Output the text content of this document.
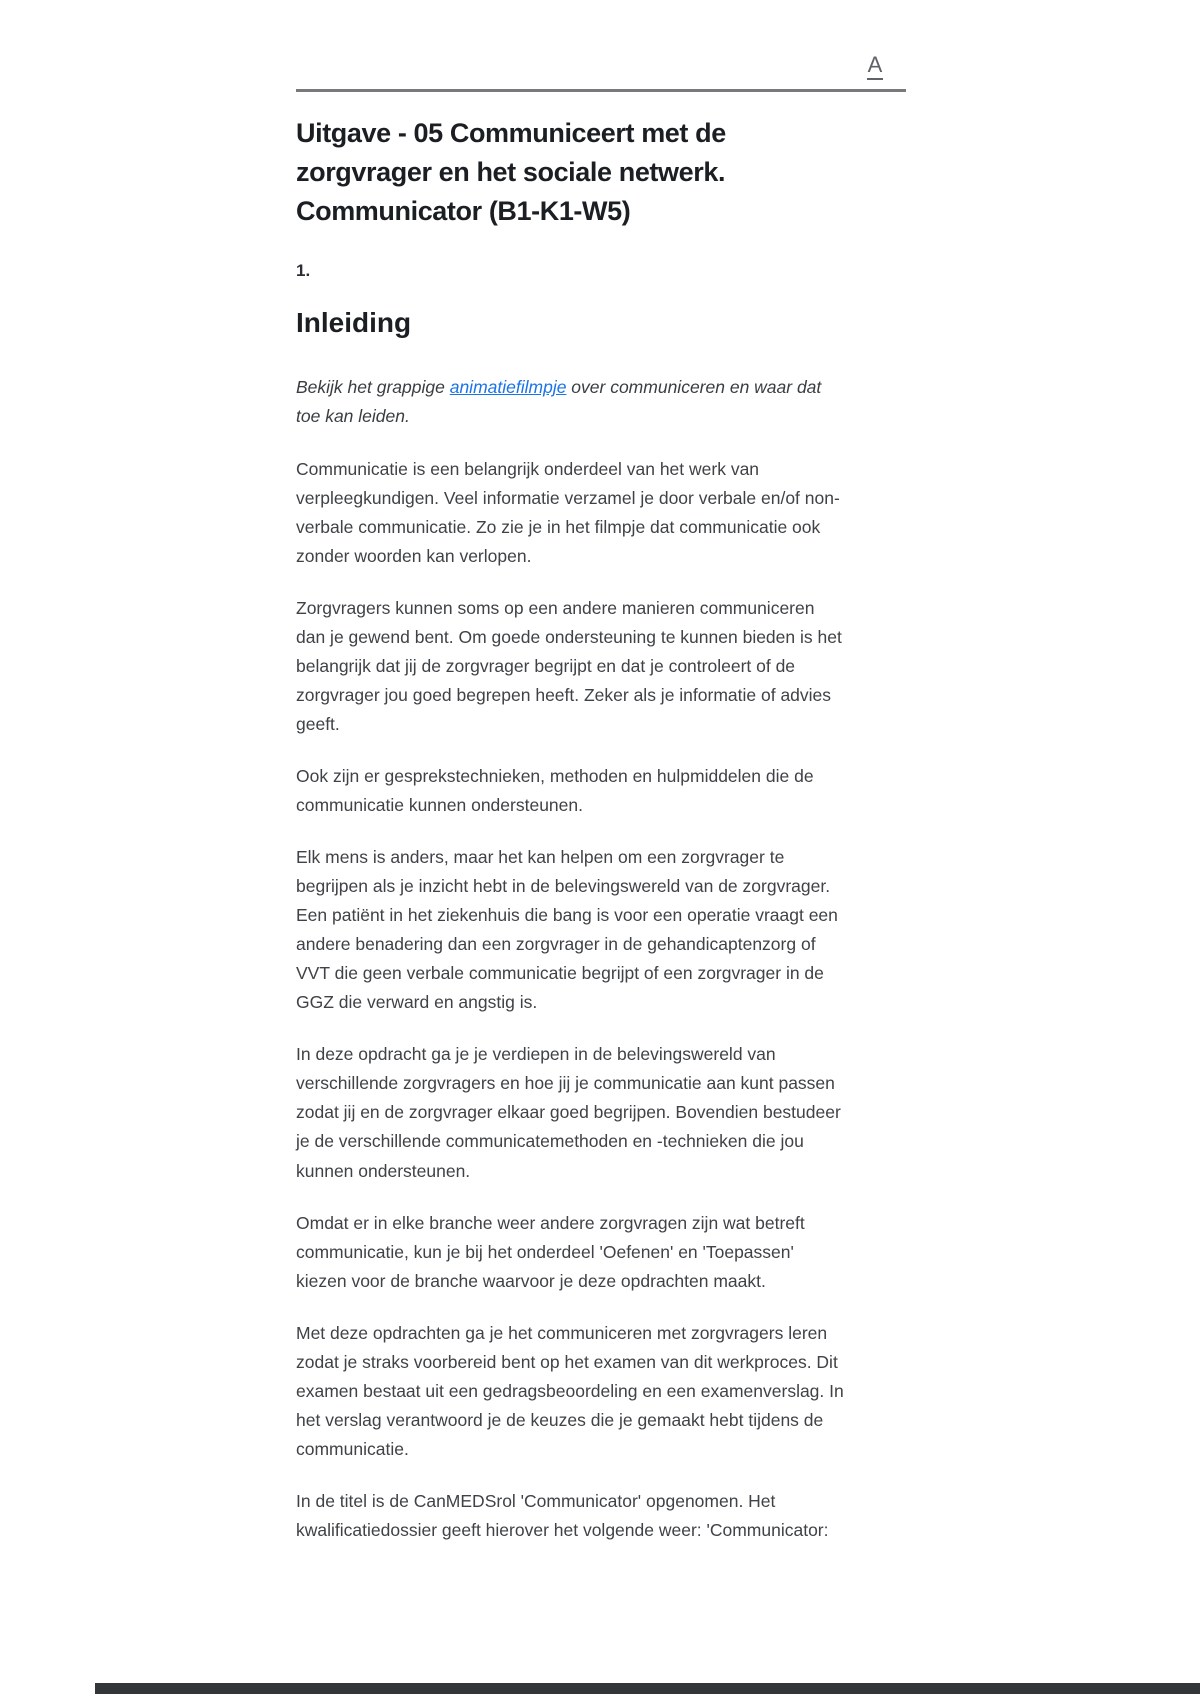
A
Uitgave - 05 Communiceert met de zorgvrager en het sociale netwerk. Communicator (B1-K1-W5)
1.
Inleiding

Bekijk het grappige animatiefilmpje over communiceren en waar dat toe kan leiden.

Communicatie is een belangrijk onderdeel van het werk van verpleegkundigen. Veel informatie verzamel je door verbale en/of non-verbale communicatie. Zo zie je in het filmpje dat communicatie ook zonder woorden kan verlopen.

Zorgvragers kunnen soms op een andere manieren communiceren dan je gewend bent. Om goede ondersteuning te kunnen bieden is het belangrijk dat jij de zorgvrager begrijpt en dat je controleert of de zorgvrager jou goed begrepen heeft. Zeker als je informatie of advies geeft.

Ook zijn er gesprekstechnieken, methoden en hulpmiddelen die de communicatie kunnen ondersteunen.

Elk mens is anders, maar het kan helpen om een zorgvrager te begrijpen als je inzicht hebt in de belevingswereld van de zorgvrager. Een patiënt in het ziekenhuis die bang is voor een operatie vraagt een andere benadering dan een zorgvrager in de gehandicaptenzorg of VVT die geen verbale communicatie begrijpt of een zorgvrager in de GGZ die verward en angstig is.

In deze opdracht ga je je verdiepen in de belevingswereld van verschillende zorgvragers en hoe jij je communicatie aan kunt passen zodat jij en de zorgvrager elkaar goed begrijpen. Bovendien bestudeer je de verschillende communicatemethoden en -technieken die jou kunnen ondersteunen.

Omdat er in elke branche weer andere zorgvragen zijn wat betreft communicatie, kun je bij het onderdeel 'Oefenen' en 'Toepassen' kiezen voor de branche waarvoor je deze opdrachten maakt.

Met deze opdrachten ga je het communiceren met zorgvragers leren zodat je straks voorbereid bent op het examen van dit werkproces. Dit examen bestaat uit een gedragsbeoordeling en een examenverslag. In het verslag verantwoord je de keuzes die je gemaakt hebt tijdens de communicatie.

In de titel is de CanMEDSrol 'Communicator' opgenomen. Het kwalificatiedossier geeft hierover het volgende weer: 'Communicator:
